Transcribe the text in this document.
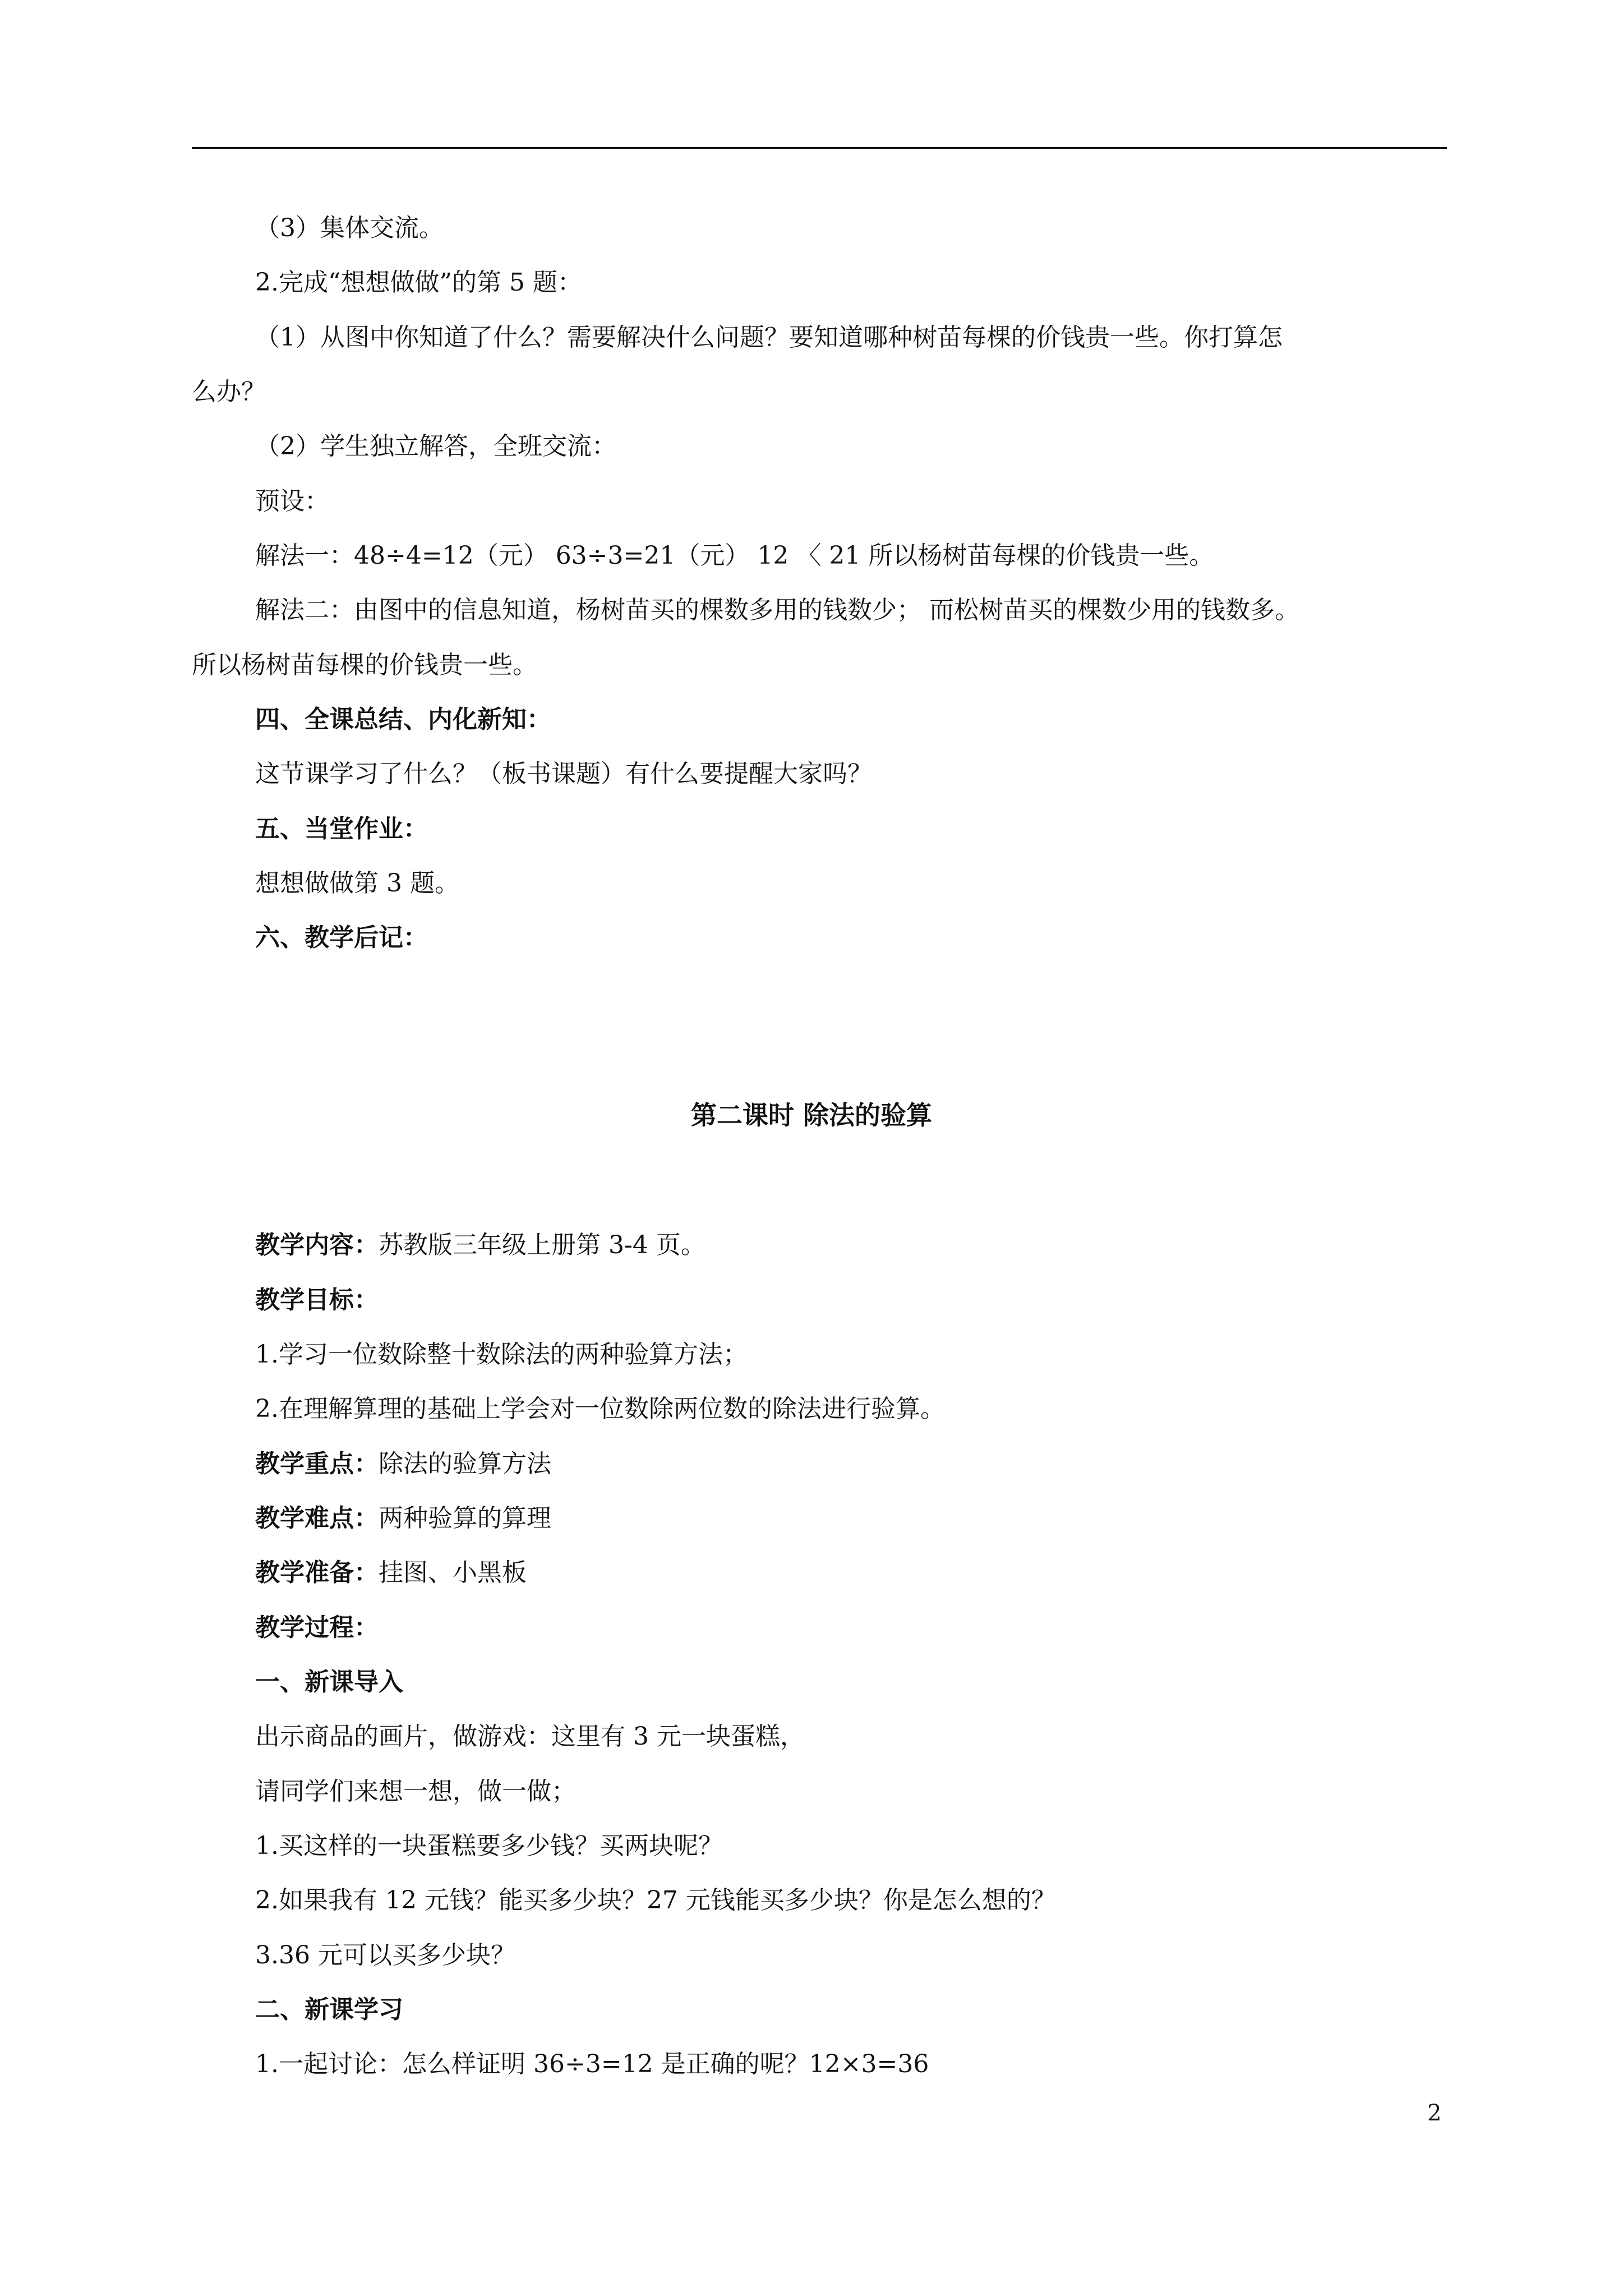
（3）集体交流。
2.完成“想想做做”的第 5 题：
（1）从图中你知道了什么？需要解决什么问题？要知道哪种树苗每棵的价钱贵一些。你打算怎
么办？
（2）学生独立解答，全班交流：
预设：
解法一：48÷4=12（元） 63÷3=21（元） 12 〈 21 所以杨树苗每棵的价钱贵一些。
解法二：由图中的信息知道，杨树苗买的棵数多用的钱数少； 而松树苗买的棵数少用的钱数多。
所以杨树苗每棵的价钱贵一些。
四、全课总结、内化新知：
这节课学习了什么？（板书课题）有什么要提醒大家吗？
五、当堂作业：
想想做做第 3 题。
六、教学后记：
第二课时 除法的验算
教学内容：苏教版三年级上册第 3-4 页。
教学目标：
1.学习一位数除整十数除法的两种验算方法；
2.在理解算理的基础上学会对一位数除两位数的除法进行验算。
教学重点：除法的验算方法
教学难点：两种验算的算理
教学准备：挂图、小黑板
教学过程：
一、新课导入
出示商品的画片，做游戏：这里有 3 元一块蛋糕，
请同学们来想一想，做一做；
1.买这样的一块蛋糕要多少钱？买两块呢？
2.如果我有 12 元钱？能买多少块？27 元钱能买多少块？你是怎么想的？
3.36 元可以买多少块？
二、新课学习
1.一起讨论：怎么样证明 36÷3=12 是正确的呢？12×3=36
2
